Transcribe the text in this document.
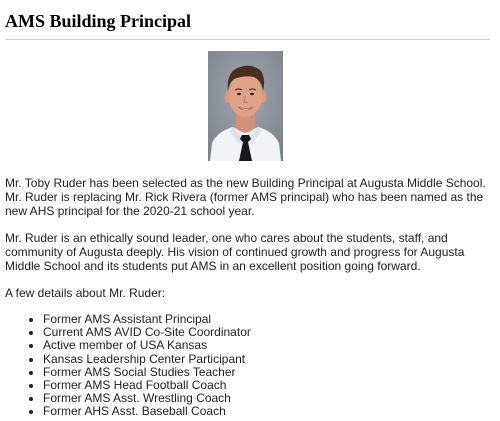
AMS Building Principal

Mr. Toby Ruder has been selected as the new Building Principal at Augusta Middle School. Mr. Ruder is replacing Mr. Rick Rivera (former AMS principal) who has been named as the new AHS principal for the 2020-21 school year.

Mr. Ruder is an ethically sound leader, one who cares about the students, staff, and community of Augusta deeply. His vision of continued growth and progress for Augusta Middle School and its students put AMS in an excellent position going forward.

A few details about Mr. Ruder:

• Former AMS Assistant Principal
• Current AMS AVID Co-Site Coordinator
• Active member of USA Kansas
• Kansas Leadership Center Participant
• Former AMS Social Studies Teacher
• Former AMS Head Football Coach
• Former AMS Asst. Wrestling Coach
• Former AHS Asst. Baseball Coach
